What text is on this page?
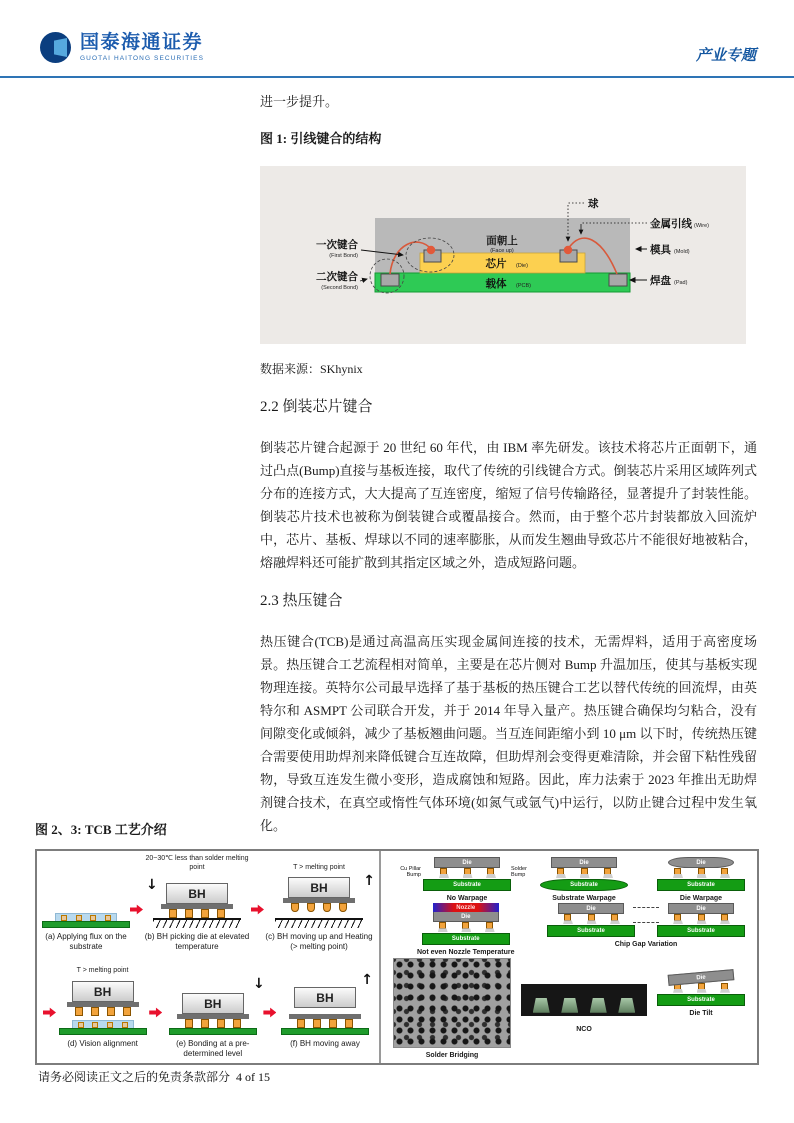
国泰海通证券
GUOTAI HAITONG SECURITIES	产业专题

进一步提升。

图 1: 引线键合的结构
面朝上
(Face up)
芯片 (Die)
载体 (PCB)
一次键合
(First Bond)
二次键合
(Second Bond)
球
金属引线 (Wire)
模具 (Mold)
焊盘 (Pad)
数据来源：SKhynix
2.2 倒装芯片键合

倒装芯片键合起源于 20 世纪 60 年代，由 IBM 率先研发。该技术将芯片正面朝下，通过凸点(Bump)直接与基板连接，取代了传统的引线键合方式。倒装芯片采用区域阵列式分布的连接方式，大大提高了互连密度，缩短了信号传输路径，显著提升了封装性能。倒装芯片技术也被称为倒装键合或覆晶接合。然而，由于整个芯片封装都放入回流炉中，芯片、基板、焊球以不同的速率膨胀，从而发生翘曲导致芯片不能很好地被粘合，熔融焊料还可能扩散到其指定区域之外，造成短路问题。

2.3 热压键合

热压键合(TCB)是通过高温高压实现金属间连接的技术，无需焊料，适用于高密度场景。热压键合工艺流程相对简单，主要是在芯片侧对 Bump 升温加压，使其与基板实现物理连接。英特尔公司最早选择了基于基板的热压键合工艺以替代传统的回流焊，由英特尔和 ASMPT 公司联合开发，并于 2014 年导入量产。热压键合确保均匀粘合，没有间隙变化或倾斜，减少了基板翘曲问题。当互连间距缩小到 10 μm 以下时，传统热压键合需要使用助焊剂来降低键合互连故障，但助焊剂会变得更难清除，并会留下粘性残留物，导致互连发生微小变形，造成腐蚀和短路。因此，库力法索于 2023 年推出无助焊剂键合技术，在真空或惰性气体环境(如氮气或氩气)中运行，以防止键合过程中发生氧化。

图 2、3: TCB 工艺介绍
(a) Applying flux on the substrate
↓
20~30℃ less than solder melting point
BH
(b) BH picking die at elevated temperature
↑
T > melting point
BH
(c) BH moving up and Heating (> melting point)
T > melting point
BH
(d) Vision alignment
↓
BH
(e) Bonding at a pre-determined level
↑
BH
(f) BH moving away
Cu Pillar Bump
Solder Bump
Die
Substrate
No Warpage
Die
Substrate
Substrate Warpage
Die
Substrate
Die Warpage
Nozzle
Die
Substrate
Not even Nozzle Temperature
Die
Substrate
Die
Substrate
Chip Gap Variation
Solder Bridging
NCO
Die
Substrate
Die Tilt
请务必阅读正文之后的免责条款部分 4 of 15
